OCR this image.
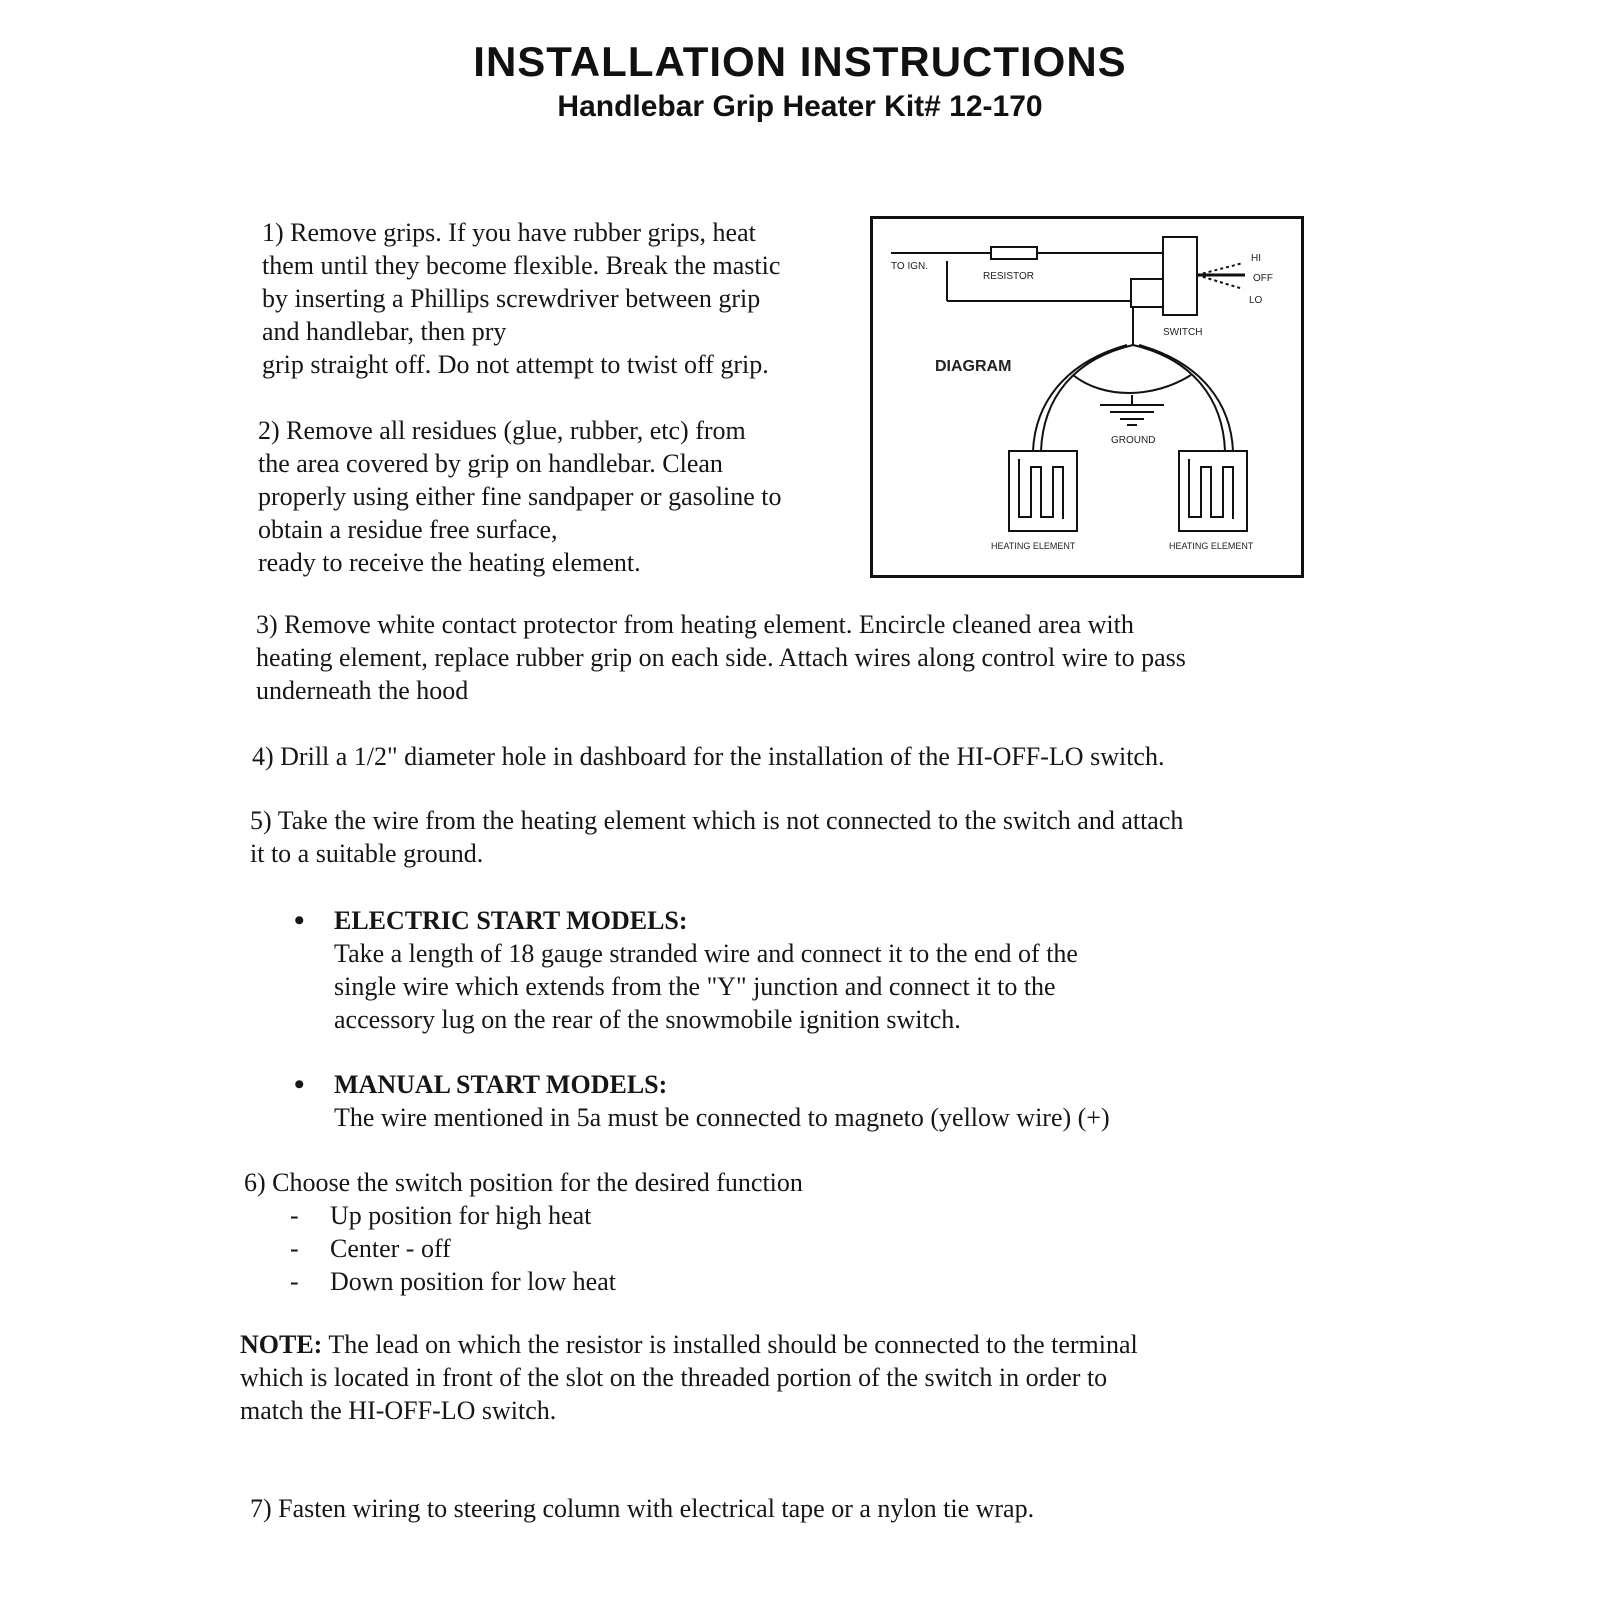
INSTALLATION INSTRUCTIONS
Handlebar Grip Heater Kit# 12-170
1) Remove grips. If you have rubber grips, heat
them until they become flexible. Break the mastic
by inserting a Phillips screwdriver between grip
and handlebar, then pry
grip straight off. Do not attempt to twist off grip.
2) Remove all residues (glue, rubber, etc) from
the area covered by grip on handlebar. Clean
properly using either fine sandpaper or gasoline to
obtain a residue free surface,
ready to receive the heating element.
TO IGN.
RESISTOR
SWITCH
HI
OFF
LO
GROUND
DIAGRAM
HEATING ELEMENT	HEATING ELEMENT
3) Remove white contact protector from heating element. Encircle cleaned area with
heating element, replace rubber grip on each side. Attach wires along control wire to pass
underneath the hood
4) Drill a 1/2" diameter hole in dashboard for the installation of the HI-OFF-LO switch.
5) Take the wire from the heating element which is not connected to the switch and attach
it to a suitable ground.
• ELECTRIC START MODELS:
Take a length of 18 gauge stranded wire and connect it to the end of the
single wire which extends from the "Y" junction and connect it to the
accessory lug on the rear of the snowmobile ignition switch.
• MANUAL START MODELS:
The wire mentioned in 5a must be connected to magneto (yellow wire) (+)
6) Choose the switch position for the desired function
-	Up position for high heat
-	Center - off
-	Down position for low heat
NOTE: The lead on which the resistor is installed should be connected to the terminal
which is located in front of the slot on the threaded portion of the switch in order to
match the HI-OFF-LO switch.
7) Fasten wiring to steering column with electrical tape or a nylon tie wrap.
